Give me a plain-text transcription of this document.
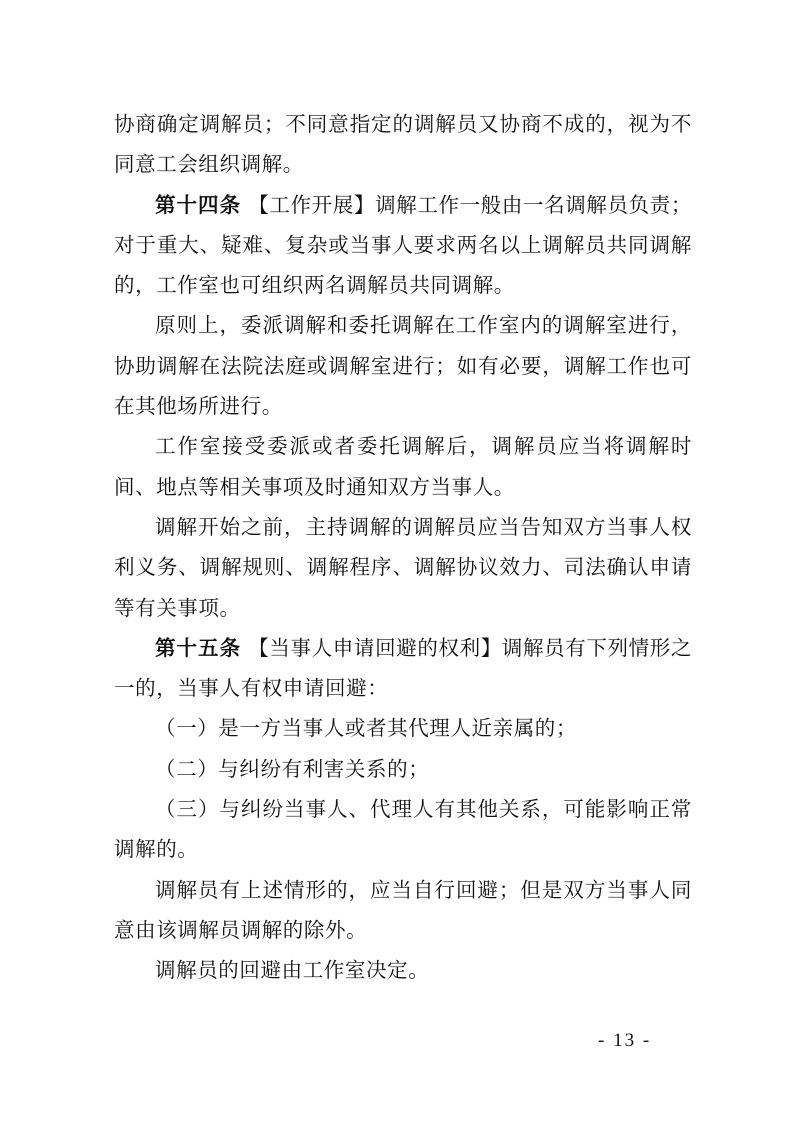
协商确定调解员；不同意指定的调解员又协商不成的，视为不同意工会组织调解。

第十四条 【工作开展】调解工作一般由一名调解员负责；对于重大、疑难、复杂或当事人要求两名以上调解员共同调解的，工作室也可组织两名调解员共同调解。

原则上，委派调解和委托调解在工作室内的调解室进行，协助调解在法院法庭或调解室进行；如有必要，调解工作也可在其他场所进行。

工作室接受委派或者委托调解后，调解员应当将调解时间、地点等相关事项及时通知双方当事人。

调解开始之前，主持调解的调解员应当告知双方当事人权利义务、调解规则、调解程序、调解协议效力、司法确认申请等有关事项。

第十五条 【当事人申请回避的权利】调解员有下列情形之一的，当事人有权申请回避：

（一）是一方当事人或者其代理人近亲属的；

（二）与纠纷有利害关系的；

（三）与纠纷当事人、代理人有其他关系，可能影响正常调解的。

调解员有上述情形的，应当自行回避；但是双方当事人同意由该调解员调解的除外。

调解员的回避由工作室决定。

- 13 -
